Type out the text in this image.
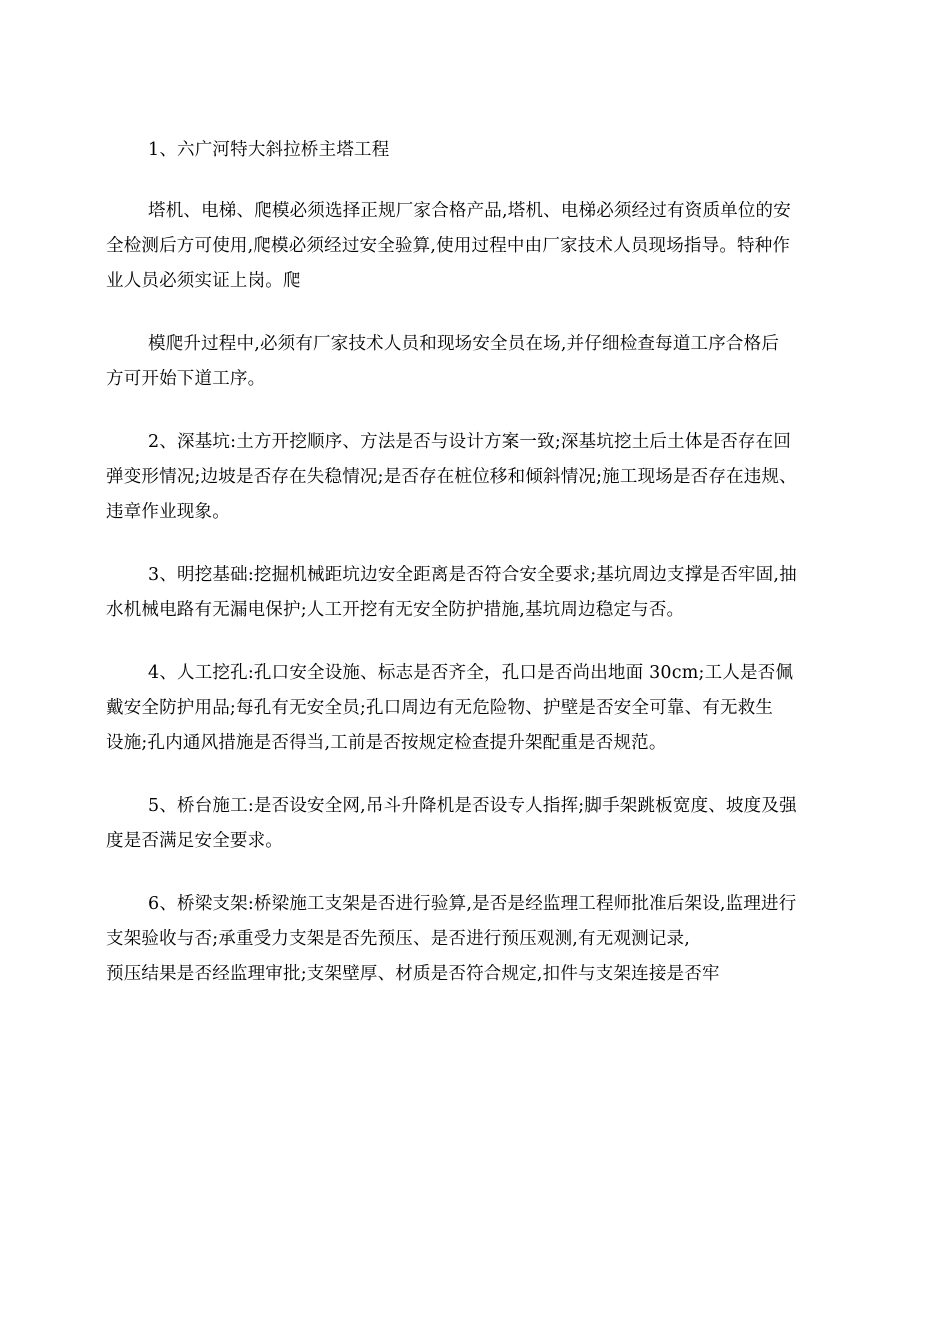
1、六广河特大斜拉桥主塔工程

塔机、电梯、爬模必须选择正规厂家合格产品,塔机、电梯必须经过有资质单位的安
全检测后方可使用,爬模必须经过安全验算,使用过程中由厂家技术人员现场指导。特种作
业人员必须实证上岗。爬

模爬升过程中,必须有厂家技术人员和现场安全员在场,并仔细检查每道工序合格后
方可开始下道工序。

2、深基坑:土方开挖顺序、方法是否与设计方案一致;深基坑挖土后土体是否存在回
弹变形情况;边坡是否存在失稳情况;是否存在桩位移和倾斜情况;施工现场是否存在违规、
违章作业现象。

3、明挖基础:挖掘机械距坑边安全距离是否符合安全要求;基坑周边支撑是否牢固,抽
水机械电路有无漏电保护;人工开挖有无安全防护措施,基坑周边稳定与否。

4、人工挖孔:孔口安全设施、标志是否齐全，孔口是否尚出地面 30cm;工人是否佩
戴安全防护用品;每孔有无安全员;孔口周边有无危险物、护壁是否安全可靠、有无救生
设施;孔内通风措施是否得当,工前是否按规定检查提升架配重是否规范。

5、桥台施工:是否设安全网,吊斗升降机是否设专人指挥;脚手架跳板宽度、坡度及强
度是否满足安全要求。

6、桥梁支架:桥梁施工支架是否进行验算,是否是经监理工程师批准后架设,监理进行
支架验收与否;承重受力支架是否先预压、是否进行预压观测,有无观测记录,
预压结果是否经监理审批;支架壁厚、材质是否符合规定,扣件与支架连接是否牢
